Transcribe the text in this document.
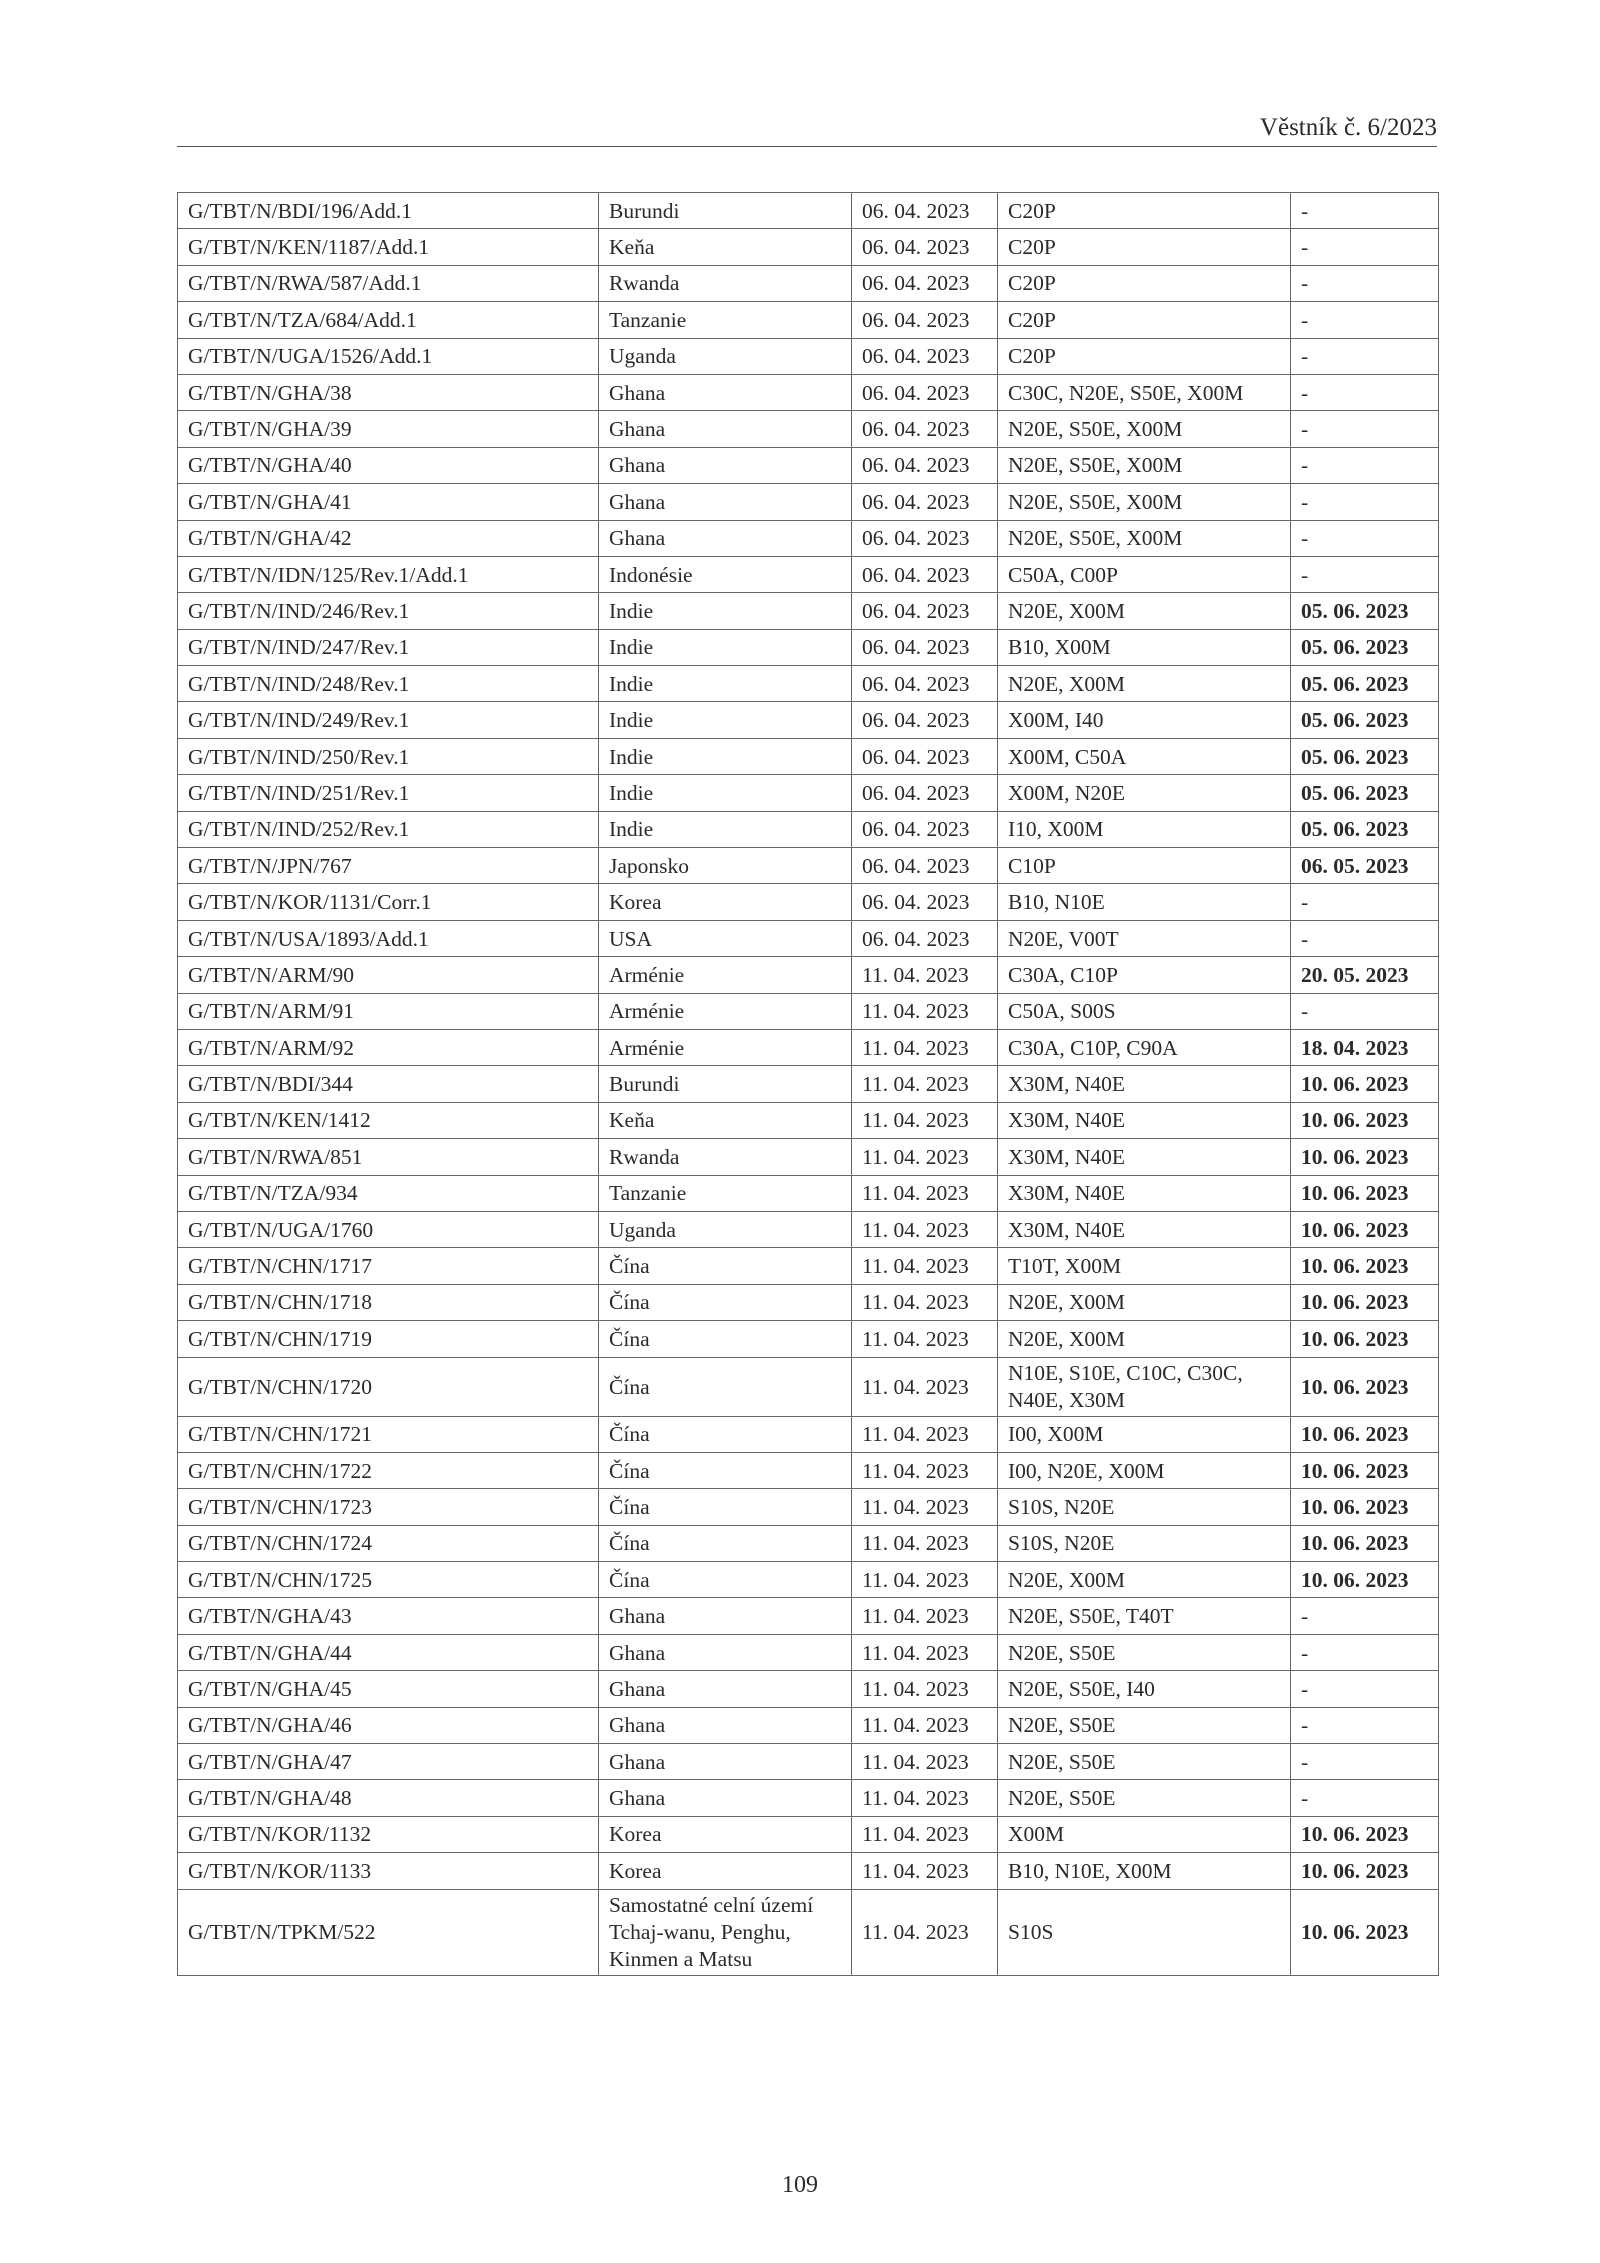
Věstník č. 6/2023
G/TBT/N/BDI/196/Add.1	Burundi	06. 04. 2023	C20P	-
G/TBT/N/KEN/1187/Add.1	Keňa	06. 04. 2023	C20P	-
G/TBT/N/RWA/587/Add.1	Rwanda	06. 04. 2023	C20P	-
G/TBT/N/TZA/684/Add.1	Tanzanie	06. 04. 2023	C20P	-
G/TBT/N/UGA/1526/Add.1	Uganda	06. 04. 2023	C20P	-
G/TBT/N/GHA/38	Ghana	06. 04. 2023	C30C, N20E, S50E, X00M	-
G/TBT/N/GHA/39	Ghana	06. 04. 2023	N20E, S50E, X00M	-
G/TBT/N/GHA/40	Ghana	06. 04. 2023	N20E, S50E, X00M	-
G/TBT/N/GHA/41	Ghana	06. 04. 2023	N20E, S50E, X00M	-
G/TBT/N/GHA/42	Ghana	06. 04. 2023	N20E, S50E, X00M	-
G/TBT/N/IDN/125/Rev.1/Add.1	Indonésie	06. 04. 2023	C50A, C00P	-
G/TBT/N/IND/246/Rev.1	Indie	06. 04. 2023	N20E, X00M	05. 06. 2023
G/TBT/N/IND/247/Rev.1	Indie	06. 04. 2023	B10, X00M	05. 06. 2023
G/TBT/N/IND/248/Rev.1	Indie	06. 04. 2023	N20E, X00M	05. 06. 2023
G/TBT/N/IND/249/Rev.1	Indie	06. 04. 2023	X00M, I40	05. 06. 2023
G/TBT/N/IND/250/Rev.1	Indie	06. 04. 2023	X00M, C50A	05. 06. 2023
G/TBT/N/IND/251/Rev.1	Indie	06. 04. 2023	X00M, N20E	05. 06. 2023
G/TBT/N/IND/252/Rev.1	Indie	06. 04. 2023	I10, X00M	05. 06. 2023
G/TBT/N/JPN/767	Japonsko	06. 04. 2023	C10P	06. 05. 2023
G/TBT/N/KOR/1131/Corr.1	Korea	06. 04. 2023	B10, N10E	-
G/TBT/N/USA/1893/Add.1	USA	06. 04. 2023	N20E, V00T	-
G/TBT/N/ARM/90	Arménie	11. 04. 2023	C30A, C10P	20. 05. 2023
G/TBT/N/ARM/91	Arménie	11. 04. 2023	C50A, S00S	-
G/TBT/N/ARM/92	Arménie	11. 04. 2023	C30A, C10P, C90A	18. 04. 2023
G/TBT/N/BDI/344	Burundi	11. 04. 2023	X30M, N40E	10. 06. 2023
G/TBT/N/KEN/1412	Keňa	11. 04. 2023	X30M, N40E	10. 06. 2023
G/TBT/N/RWA/851	Rwanda	11. 04. 2023	X30M, N40E	10. 06. 2023
G/TBT/N/TZA/934	Tanzanie	11. 04. 2023	X30M, N40E	10. 06. 2023
G/TBT/N/UGA/1760	Uganda	11. 04. 2023	X30M, N40E	10. 06. 2023
G/TBT/N/CHN/1717	Čína	11. 04. 2023	T10T, X00M	10. 06. 2023
G/TBT/N/CHN/1718	Čína	11. 04. 2023	N20E, X00M	10. 06. 2023
G/TBT/N/CHN/1719	Čína	11. 04. 2023	N20E, X00M	10. 06. 2023
G/TBT/N/CHN/1720	Čína	11. 04. 2023	N10E, S10E, C10C, C30C, N40E, X30M	10. 06. 2023
G/TBT/N/CHN/1721	Čína	11. 04. 2023	I00, X00M	10. 06. 2023
G/TBT/N/CHN/1722	Čína	11. 04. 2023	I00, N20E, X00M	10. 06. 2023
G/TBT/N/CHN/1723	Čína	11. 04. 2023	S10S, N20E	10. 06. 2023
G/TBT/N/CHN/1724	Čína	11. 04. 2023	S10S, N20E	10. 06. 2023
G/TBT/N/CHN/1725	Čína	11. 04. 2023	N20E, X00M	10. 06. 2023
G/TBT/N/GHA/43	Ghana	11. 04. 2023	N20E, S50E, T40T	-
G/TBT/N/GHA/44	Ghana	11. 04. 2023	N20E, S50E	-
G/TBT/N/GHA/45	Ghana	11. 04. 2023	N20E, S50E, I40	-
G/TBT/N/GHA/46	Ghana	11. 04. 2023	N20E, S50E	-
G/TBT/N/GHA/47	Ghana	11. 04. 2023	N20E, S50E	-
G/TBT/N/GHA/48	Ghana	11. 04. 2023	N20E, S50E	-
G/TBT/N/KOR/1132	Korea	11. 04. 2023	X00M	10. 06. 2023
G/TBT/N/KOR/1133	Korea	11. 04. 2023	B10, N10E, X00M	10. 06. 2023
G/TBT/N/TPKM/522	Samostatné celní území Tchaj-wanu, Penghu, Kinmen a Matsu	11. 04. 2023	S10S	10. 06. 2023
109
